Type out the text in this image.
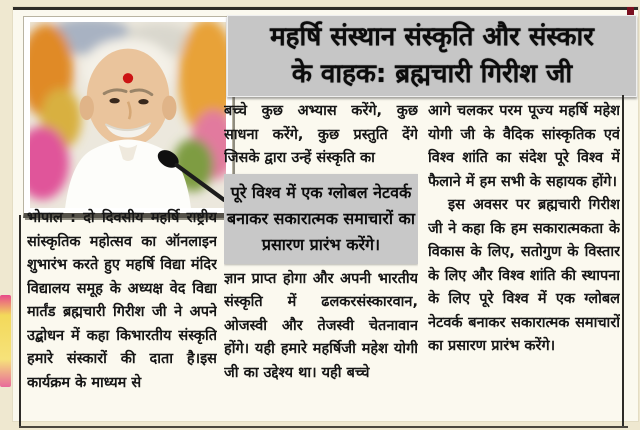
महर्षि संस्थान संस्कृति और संस्कार
के वाहक: ब्रह्मचारी गिरीश जी

भोपाल : दो दिवसीय महर्षि राष्ट्रीय सांस्कृतिक महोत्सव का ऑनलाइन शुभारंभ करते हुए महर्षि विद्या मंदिर विद्यालय समूह के अध्यक्ष वेद विद्या मार्तंड ब्रह्मचारी गिरीश जी ने अपने उद्बोधन में कहा किभारतीय संस्कृति हमारे संस्कारों की दाता है।इस कार्यक्रम के माध्यम से

बच्चे कुछ अभ्यास करेंगे, कुछ साधना करेंगे, कुछ प्रस्तुति देंगे जिसके द्वारा उन्हें संस्कृति का

पूरे विश्व में एक ग्लोबल नेटवर्क बनाकर सकारात्मक समाचारों का प्रसारण प्रारंभ करेंगे।

ज्ञान प्राप्त होगा और अपनी भारतीय संस्कृति में ढलकरसंस्कारवान, ओजस्वी और तेजस्वी चेतनावान होंगे। यही हमारे महर्षिजी महेश योगी जी का उद्देश्य था। यही बच्चे

आगे चलकर परम पूज्य महर्षि महेश योगी जी के वैदिक सांस्कृतिक एवं विश्व शांति का संदेश पूरे विश्व में फैलाने में हम सभी के सहायक होंगे।

इस अवसर पर ब्रह्मचारी गिरीश जी ने कहा कि हम सकारात्मकता के विकास के लिए, सतोगुण के विस्तार के लिए और विश्व शांति की स्थापना के लिए पूरे विश्व में एक ग्लोबल नेटवर्क बनाकर सकारात्मक समाचारों का प्रसारण प्रारंभ करेंगे।
